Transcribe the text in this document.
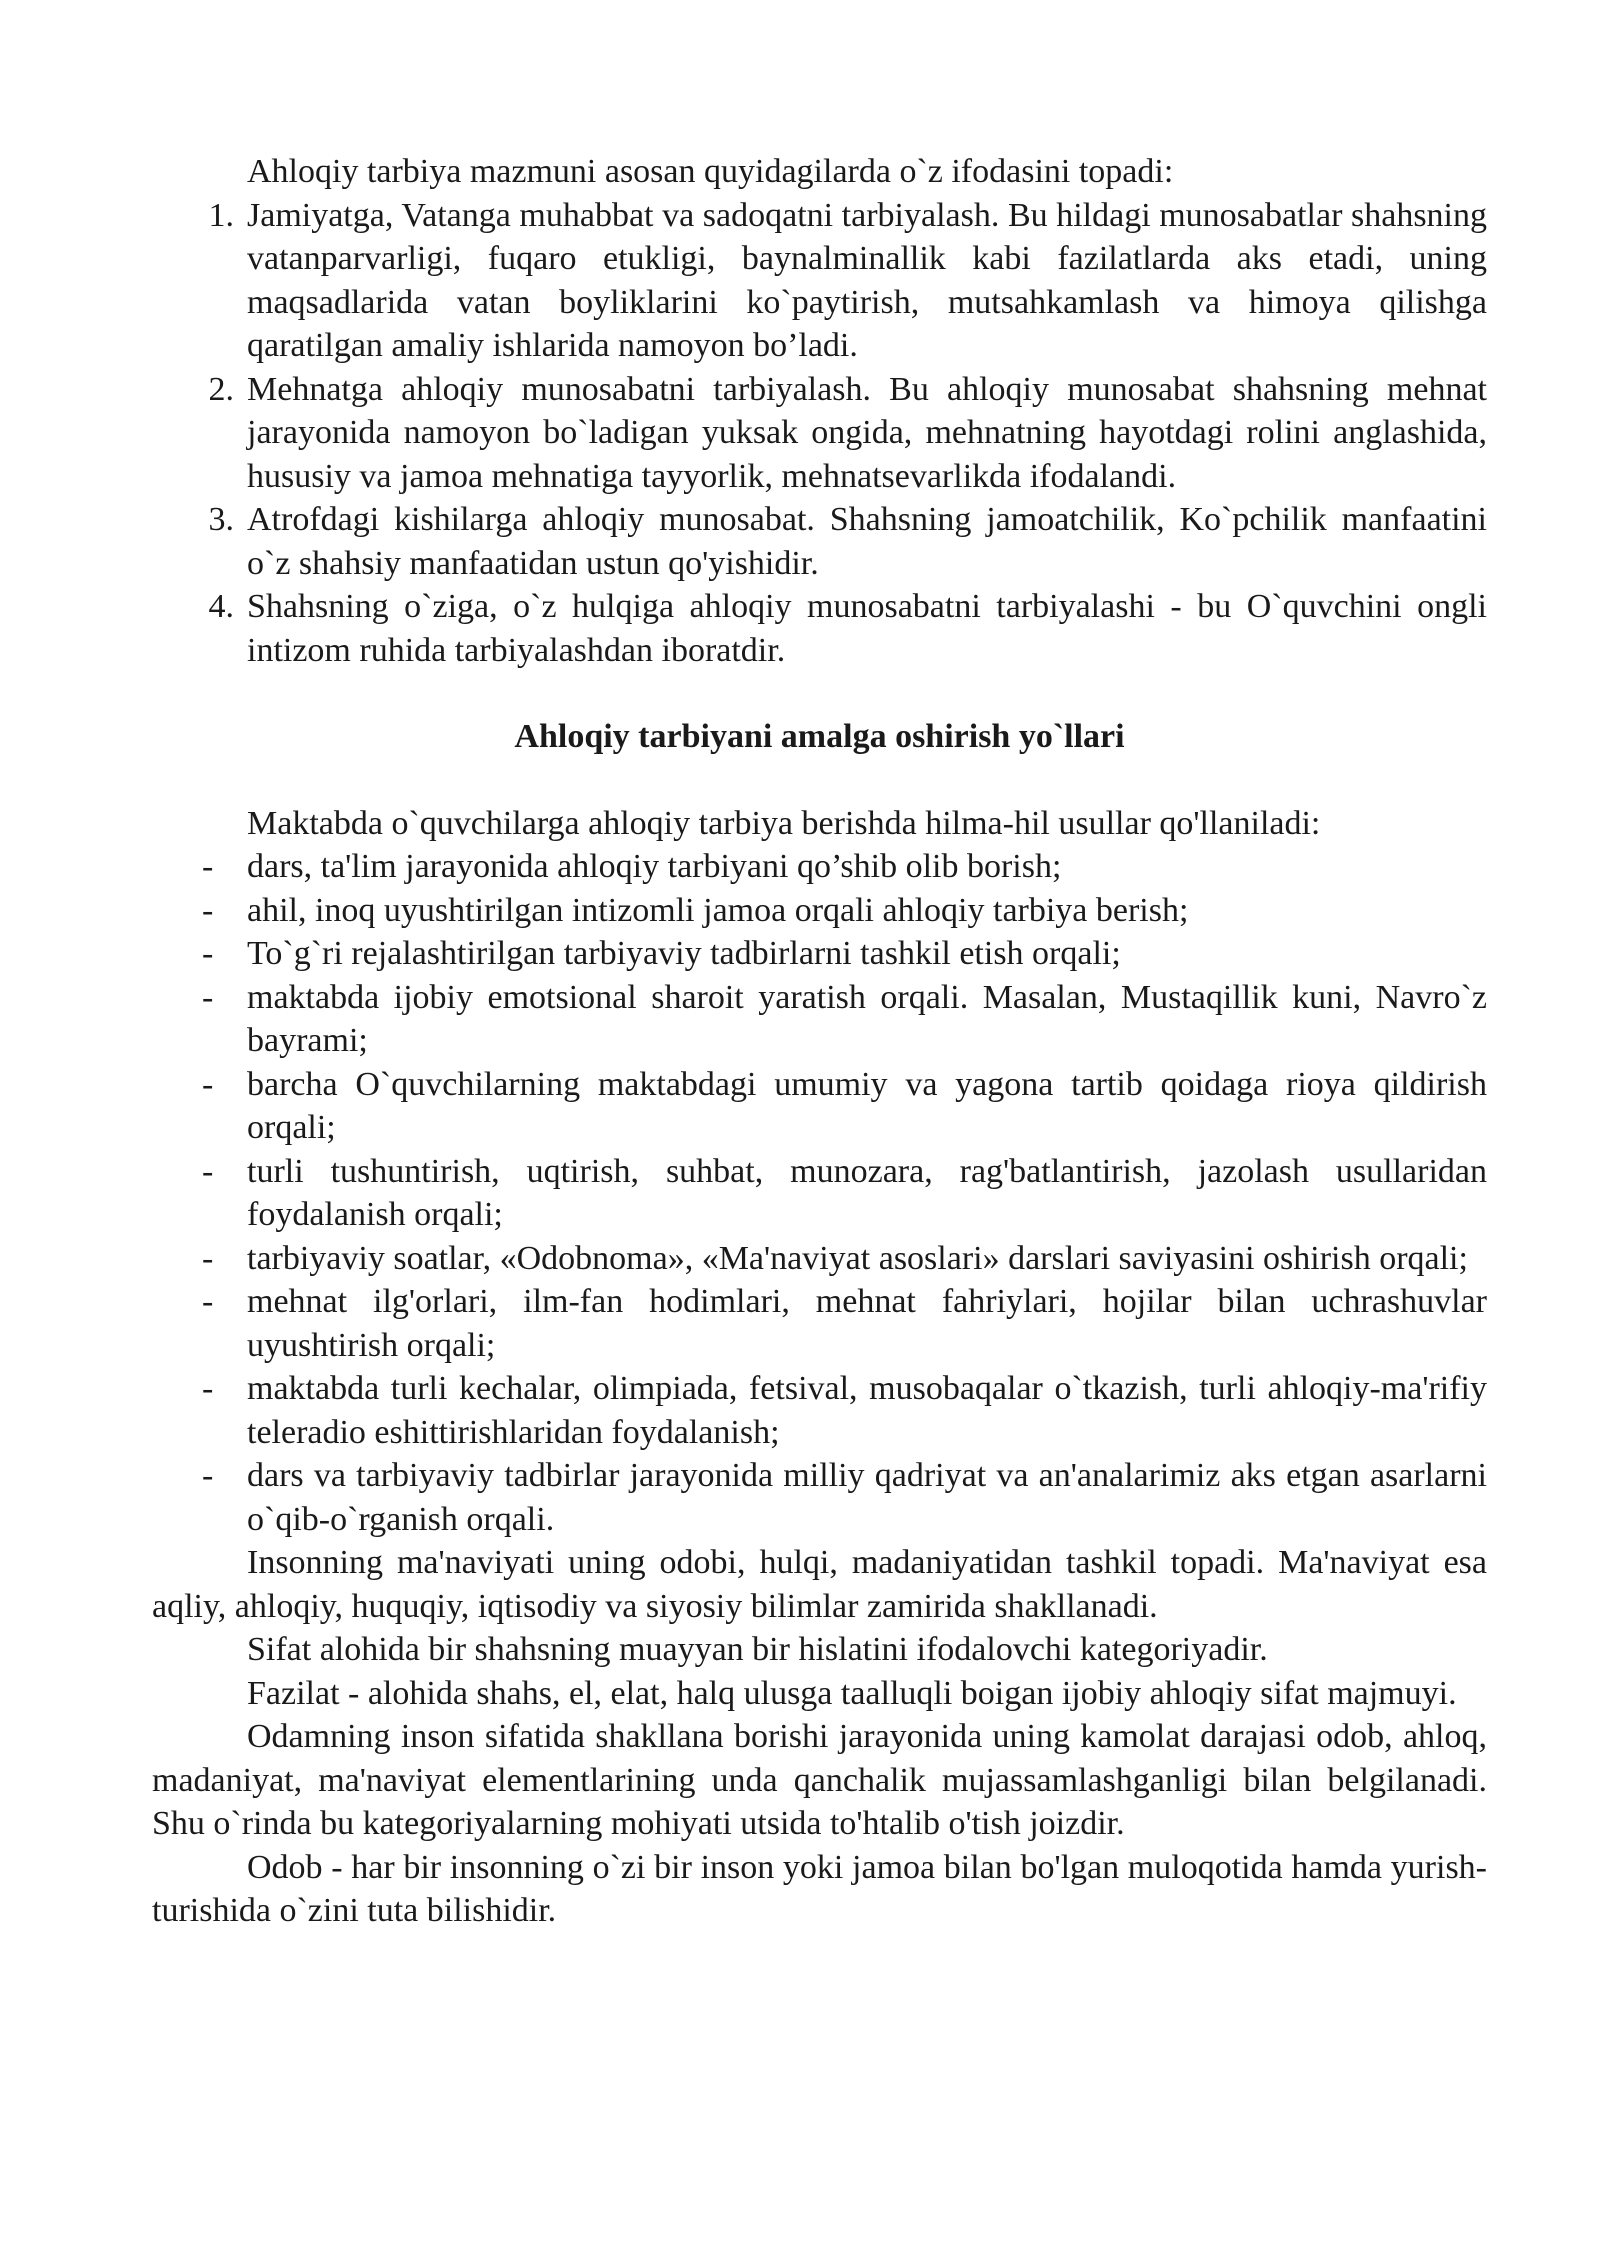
Ahloqiy tarbiya mazmuni asosan quyidagilarda o`z ifodasini topadi:

1. Jamiyatga, Vatanga muhabbat va sadoqatni tarbiyalash. Bu hildagi munosabatlar shahsning vatanparvarligi, fuqaro etukligi, baynalminallik kabi fazilatlarda aks etadi, uning maqsadlarida vatan boyliklarini ko`paytirish, mutsahkamlash va himoya qilishga qaratilgan amaliy ishlarida namoyon bo’ladi.
2. Mehnatga ahloqiy munosabatni tarbiyalash. Bu ahloqiy munosabat shahsning mehnat jarayonida namoyon bo`ladigan yuksak ongida, mehnatning hayotdagi rolini anglashida, hususiy va jamoa mehnatiga tayyorlik, mehnatsevarlikda ifodalandi.
3. Atrofdagi kishilarga ahloqiy munosabat. Shahsning jamoatchilik, Ko`pchilik manfaatini o`z shahsiy manfaatidan ustun qo'yishidir.
4. Shahsning o`ziga, o`z hulqiga ahloqiy munosabatni tarbiyalashi - bu O`quvchini ongli intizom ruhida tarbiyalashdan iboratdir.
Ahloqiy tarbiyani amalga oshirish yo`llari

Maktabda o`quvchilarga ahloqiy tarbiya berishda hilma-hil usullar qo'llaniladi:

- dars, ta'lim jarayonida ahloqiy tarbiyani qo’shib olib borish;
- ahil, inoq uyushtirilgan intizomli jamoa orqali ahloqiy tarbiya berish;
- To`g`ri rejalashtirilgan tarbiyaviy tadbirlarni tashkil etish orqali;
- maktabda ijobiy emotsional sharoit yaratish orqali. Masalan, Mustaqillik kuni, Navro`z bayrami;
- barcha O`quvchilarning maktabdagi umumiy va yagona tartib qoidaga rioya qildirish orqali;
- turli tushuntirish, uqtirish, suhbat, munozara, rag'batlantirish, jazolash usullaridan foydalanish orqali;
- tarbiyaviy soatlar, «Odobnoma», «Ma'naviyat asoslari» darslari saviyasini oshirish orqali;
- mehnat ilg'orlari, ilm-fan hodimlari, mehnat fahriylari, hojilar bilan uchrashuvlar uyushtirish orqali;
- maktabda turli kechalar, olimpiada, fetsival, musobaqalar o`tkazish, turli ahloqiy-ma'rifiy teleradio eshittirishlaridan foydalanish;
- dars va tarbiyaviy tadbirlar jarayonida milliy qadriyat va an'analarimiz aks etgan asarlarni o`qib-o`rganish orqali.

Insonning ma'naviyati uning odobi, hulqi, madaniyatidan tashkil topadi. Ma'naviyat esa aqliy, ahloqiy, huquqiy, iqtisodiy va siyosiy bilimlar zamirida shakllanadi.

Sifat alohida bir shahsning muayyan bir hislatini ifodalovchi kategoriyadir.

Fazilat - alohida shahs, el, elat, halq ulusga taalluqli boigan ijobiy ahloqiy sifat majmuyi.

Odamning inson sifatida shakllana borishi jarayonida uning kamolat darajasi odob, ahloq, madaniyat, ma'naviyat elementlarining unda qanchalik mujassamlashganligi bilan belgilanadi. Shu o`rinda bu kategoriyalarning mohiyati utsida to'htalib o'tish joizdir.

Odob - har bir insonning o`zi bir inson yoki jamoa bilan bo'lgan muloqotida hamda yurish-turishida o`zini tuta bilishidir.
